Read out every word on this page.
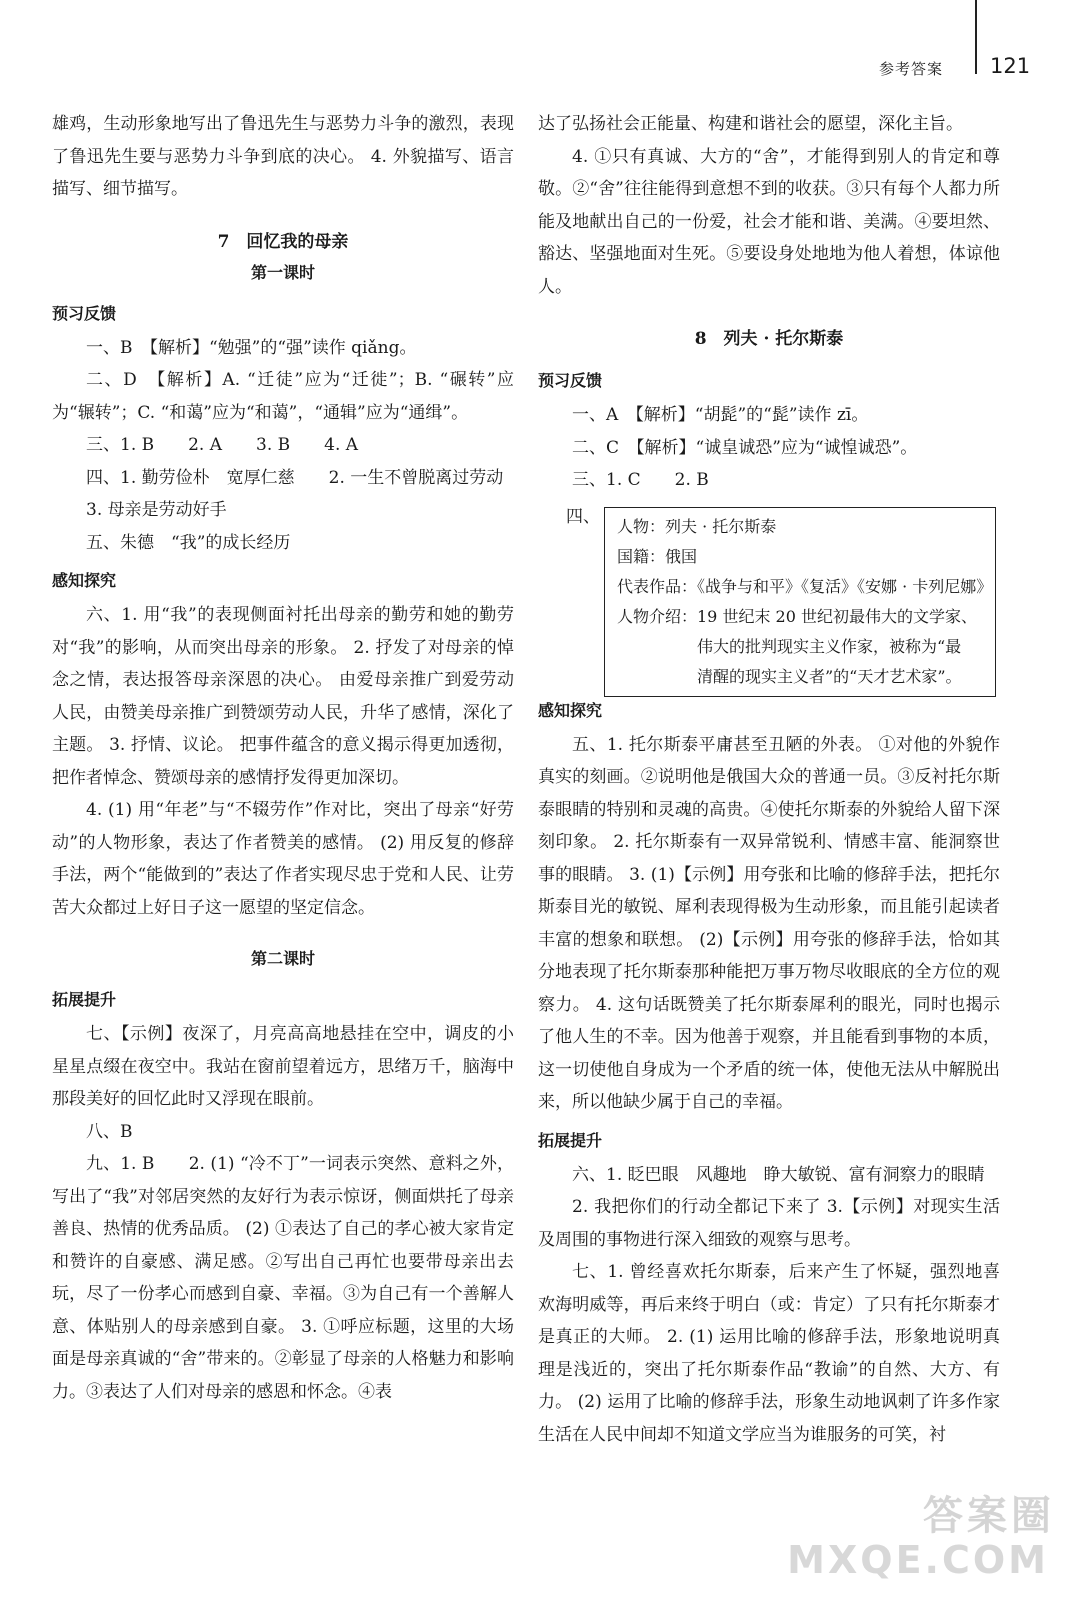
参考答案 121

雄鸡，生动形象地写出了鲁迅先生与恶势力斗争的激烈，表现了鲁迅先生要与恶势力斗争到底的决心。 4. 外貌描写、语言描写、细节描写。

7　回忆我的母亲

第一课时

预习反馈

一、B　【解析】“勉强”的“强”读作 qiǎng。

二、D　【解析】A. “迁徒”应为“迁徙”；B. “碾转”应为“辗转”；C. “和蔼”应为“和蔼”，“通辑”应为“通缉”。

三、1. B　　2. A　　3. B　　4. A

四、1. 勤劳俭朴　宽厚仁慈　　2. 一生不曾脱离过劳动

3. 母亲是劳动好手

五、朱德　“我”的成长经历

感知探究

六、1. 用“我”的表现侧面衬托出母亲的勤劳和她的勤劳对“我”的影响，从而突出母亲的形象。 2. 抒发了对母亲的悼念之情，表达报答母亲深恩的决心。 由爱母亲推广到爱劳动人民，由赞美母亲推广到赞颂劳动人民，升华了感情，深化了主题。 3. 抒情、议论。 把事件蕴含的意义揭示得更加透彻，把作者悼念、赞颂母亲的感情抒发得更加深切。

4. (1) 用“年老”与“不辍劳作”作对比，突出了母亲“好劳动”的人物形象，表达了作者赞美的感情。 (2) 用反复的修辞手法，两个“能做到的”表达了作者实现尽忠于党和人民、让劳苦大众都过上好日子这一愿望的坚定信念。

第二课时

拓展提升

七、【示例】夜深了，月亮高高地悬挂在空中，调皮的小星星点缀在夜空中。我站在窗前望着远方，思绪万千，脑海中那段美好的回忆此时又浮现在眼前。

八、B

九、1. B　　2. (1) “冷不丁”一词表示突然、意料之外，写出了“我”对邻居突然的友好行为表示惊讶，侧面烘托了母亲善良、热情的优秀品质。 (2) ①表达了自己的孝心被大家肯定和赞许的自豪感、满足感。②写出自己再忙也要带母亲出去玩，尽了一份孝心而感到自豪、幸福。③为自己有一个善解人意、体贴别人的母亲感到自豪。 3. ①呼应标题，这里的大场面是母亲真诚的“舍”带来的。②彰显了母亲的人格魅力和影响力。③表达了人们对母亲的感恩和怀念。④表

达了弘扬社会正能量、构建和谐社会的愿望，深化主旨。

4. ①只有真诚、大方的“舍”，才能得到别人的肯定和尊敬。②“舍”往往能得到意想不到的收获。③只有每个人都力所能及地献出自己的一份爱，社会才能和谐、美满。④要坦然、豁达、坚强地面对生死。⑤要设身处地地为他人着想，体谅他人。

8　列夫 · 托尔斯泰

预习反馈

一、A　【解析】“胡髭”的“髭”读作 zī。

二、C　【解析】“诚皇诚恐”应为“诚惶诚恐”。

三、1. C　　2. B

四、 人物：列夫 · 托尔斯泰
国籍：俄国
代表作品：《战争与和平》《复活》《安娜 · 卡列尼娜》
人物介绍：19 世纪末 20 世纪初最伟大的文学家、
伟大的批判现实主义作家，被称为“最
清醒的现实主义者”的“天才艺术家”。

感知探究

五、1. 托尔斯泰平庸甚至丑陋的外表。 ①对他的外貌作真实的刻画。②说明他是俄国大众的普通一员。③反衬托尔斯泰眼睛的特别和灵魂的高贵。④使托尔斯泰的外貌给人留下深刻印象。 2. 托尔斯泰有一双异常锐利、情感丰富、能洞察世事的眼睛。 3. (1)【示例】用夸张和比喻的修辞手法，把托尔斯泰目光的敏锐、犀利表现得极为生动形象，而且能引起读者丰富的想象和联想。 (2)【示例】用夸张的修辞手法，恰如其分地表现了托尔斯泰那种能把万事万物尽收眼底的全方位的观察力。 4. 这句话既赞美了托尔斯泰犀利的眼光，同时也揭示了他人生的不幸。因为他善于观察，并且能看到事物的本质，这一切使他自身成为一个矛盾的统一体，使他无法从中解脱出来，所以他缺少属于自己的幸福。

拓展提升

六、1. 眨巴眼　风趣地　睁大敏锐、富有洞察力的眼睛

2. 我把你们的行动全都记下来了 3.【示例】对现实生活及周围的事物进行深入细致的观察与思考。

七、1. 曾经喜欢托尔斯泰，后来产生了怀疑，强烈地喜欢海明威等，再后来终于明白（或：肯定）了只有托尔斯泰才是真正的大师。 2. (1) 运用比喻的修辞手法，形象地说明真理是浅近的，突出了托尔斯泰作品“教谕”的自然、大方、有力。 (2) 运用了比喻的修辞手法，形象生动地讽刺了许多作家生活在人民中间却不知道文学应当为谁服务的可笑，衬

答案圈
MXQE.COM
